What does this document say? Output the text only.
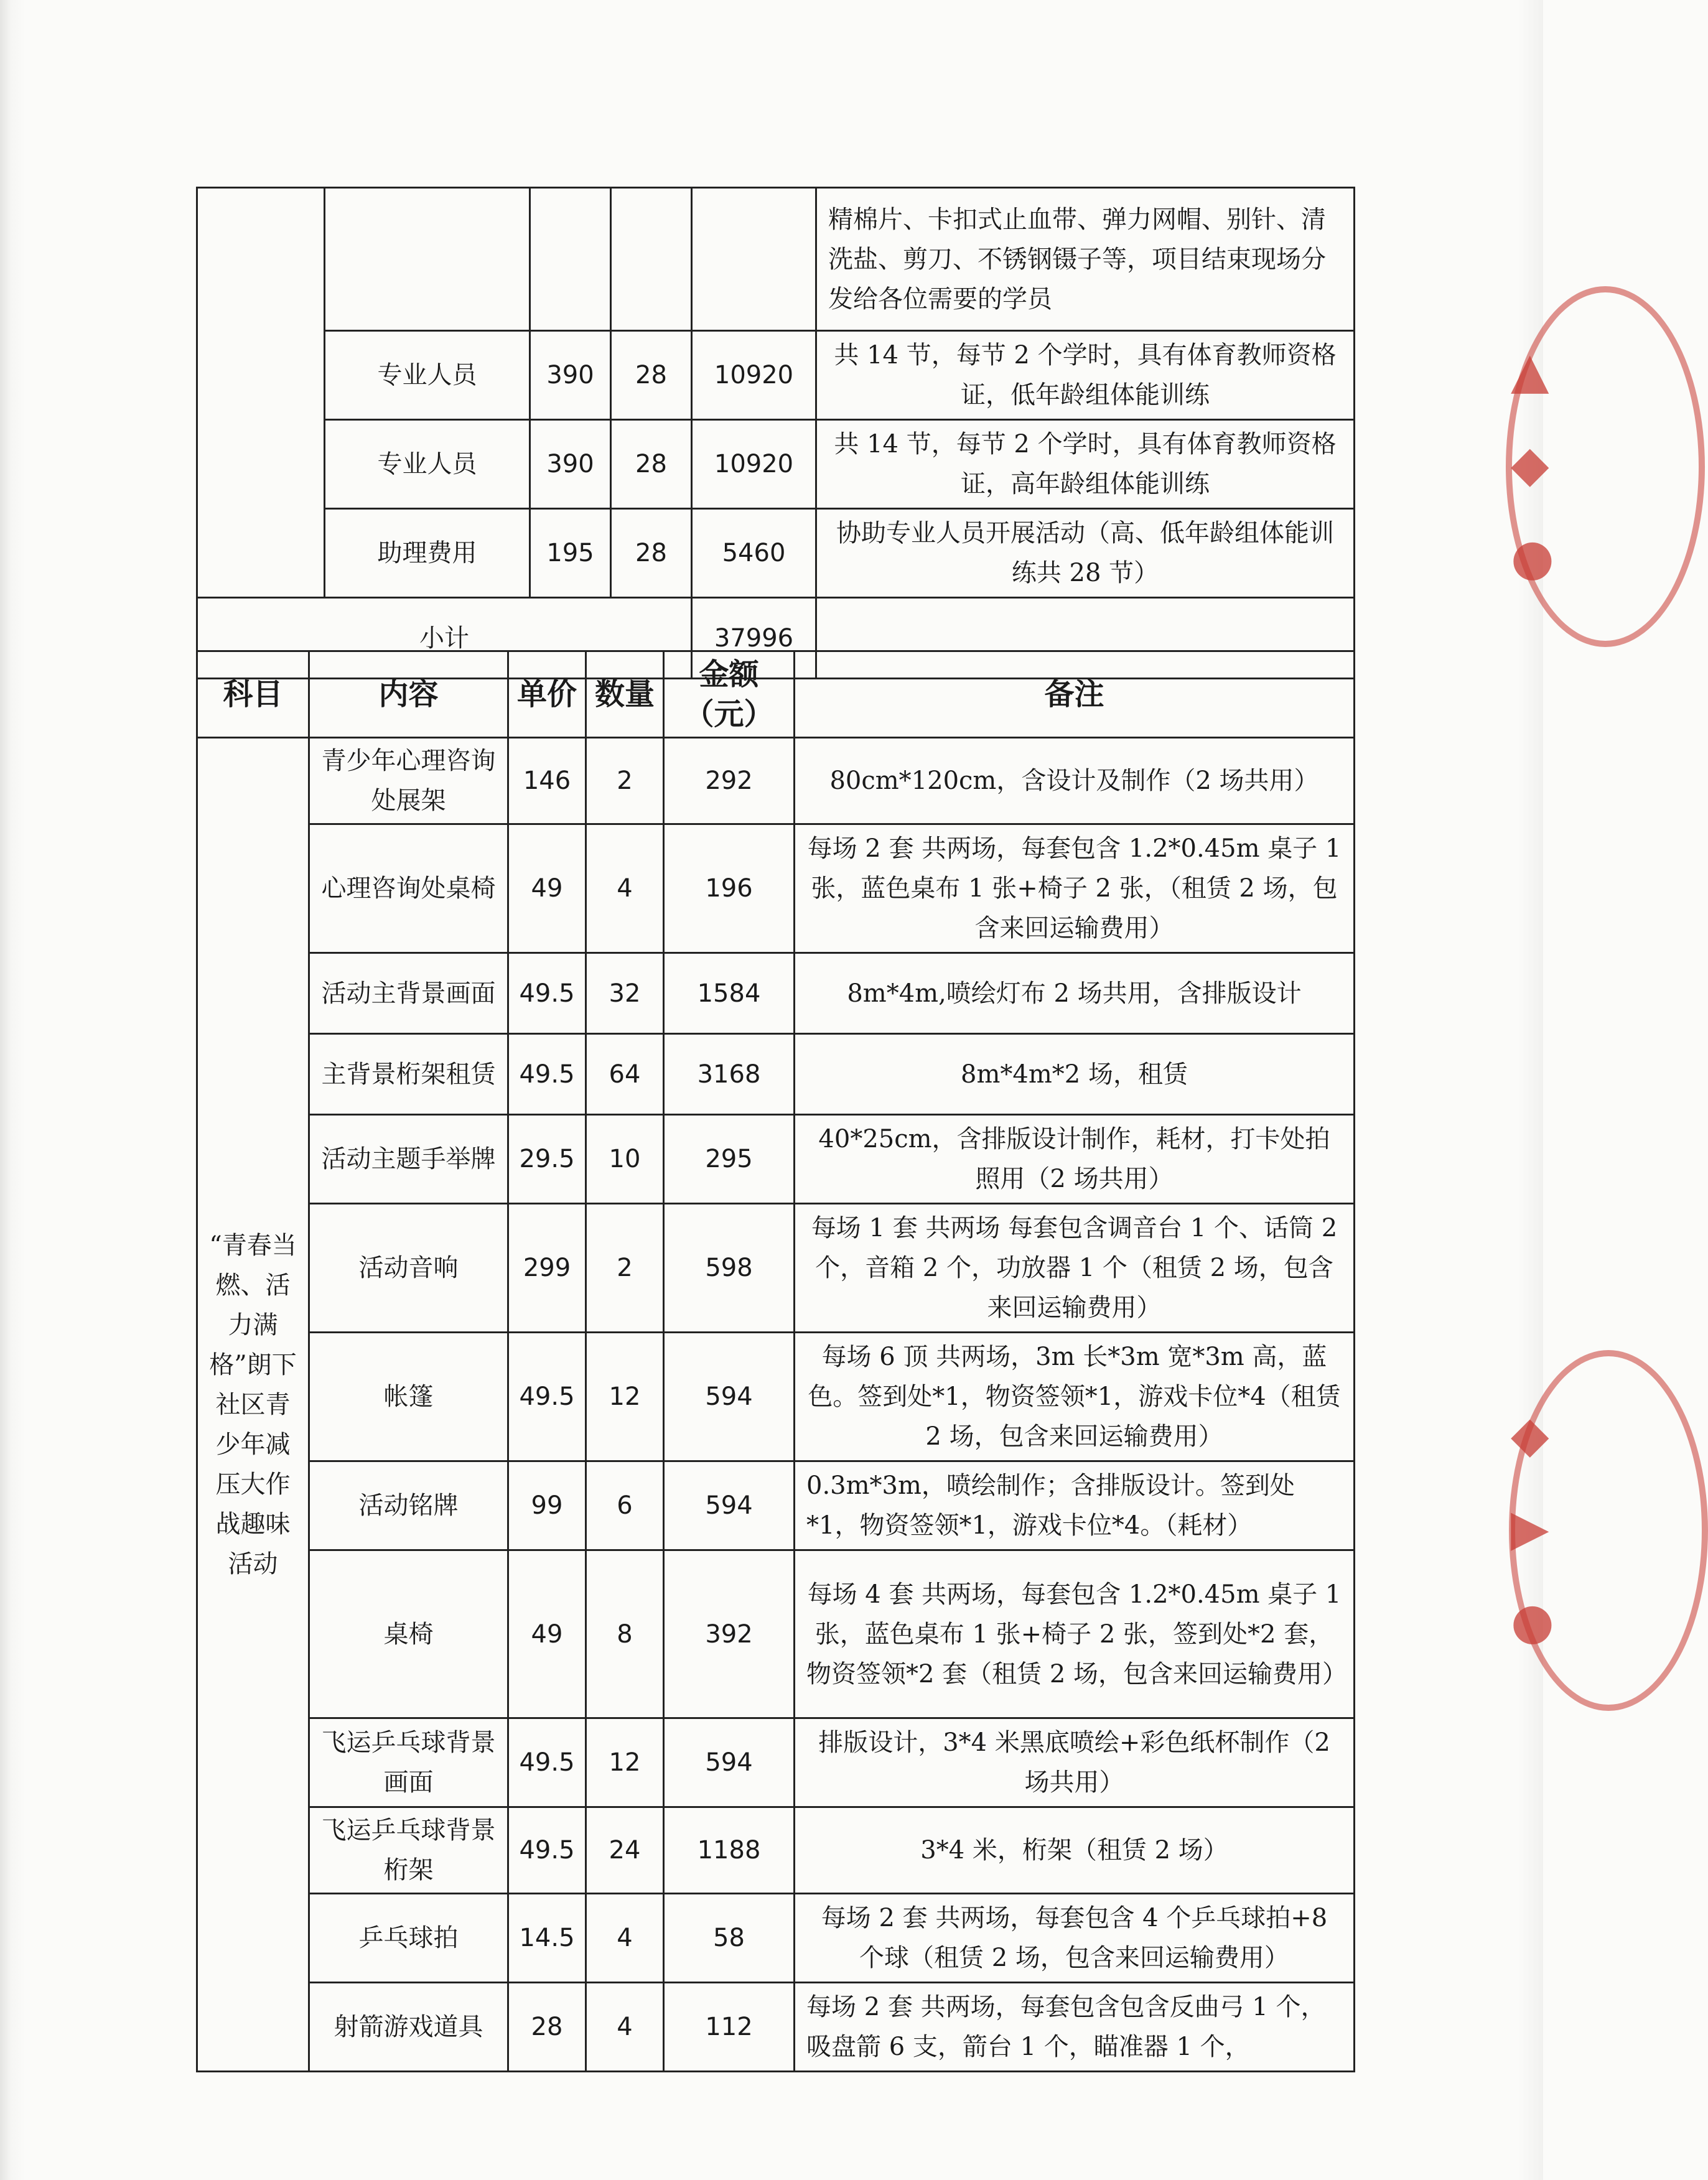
					精棉片、卡扣式止血带、弹力网帽、别针、清洗盐、剪刀、不锈钢镊子等，项目结束现场分发给各位需要的学员
	专业人员	390	28	10920	共 14 节，每节 2 个学时，具有体育教师资格证，低年龄组体能训练
	专业人员	390	28	10920	共 14 节，每节 2 个学时，具有体育教师资格证，高年龄组体能训练
	助理费用	195	28	5460	协助专业人员开展活动（高、低年龄组体能训练共 28 节）
小计				37996	
科目	内容	单价	数量	金额（元）	备注
“青春当燃、活力满格”朗下社区青少年减压大作战趣味活动	青少年心理咨询处展架	146	2	292	80cm*120cm，含设计及制作（2 场共用）
	心理咨询处桌椅	49	4	196	每场 2 套 共两场，每套包含 1.2*0.45m 桌子 1 张，蓝色桌布 1 张+椅子 2 张，（租赁 2 场，包含来回运输费用）
	活动主背景画面	49.5	32	1584	8m*4m,喷绘灯布 2 场共用，含排版设计
	主背景桁架租赁	49.5	64	3168	8m*4m*2 场，租赁
	活动主题手举牌	29.5	10	295	40*25cm，含排版设计制作，耗材，打卡处拍照用（2 场共用）
	活动音响	299	2	598	每场 1 套 共两场 每套包含调音台 1 个、话筒 2 个，音箱 2 个，功放器 1 个（租赁 2 场，包含来回运输费用）
	帐篷	49.5	12	594	每场 6 顶 共两场，3m 长*3m 宽*3m 高，蓝色。签到处*1，物资签领*1，游戏卡位*4（租赁 2 场，包含来回运输费用）
	活动铭牌	99	6	594	0.3m*3m，喷绘制作；含排版设计。签到处*1，物资签领*1，游戏卡位*4。（耗材）
	桌椅	49	8	392	每场 4 套 共两场，每套包含 1.2*0.45m 桌子 1 张，蓝色桌布 1 张+椅子 2 张，签到处*2 套，物资签领*2 套（租赁 2 场，包含来回运输费用）
	飞运乒乓球背景画面	49.5	12	594	排版设计，3*4 米黑底喷绘+彩色纸杯制作（2 场共用）
	飞运乒乓球背景桁架	49.5	24	1188	3*4 米，桁架（租赁 2 场）
	乒乓球拍	14.5	4	58	每场 2 套 共两场，每套包含 4 个乒乓球拍+8 个球（租赁 2 场，包含来回运输费用）
	射箭游戏道具	28	4	112	每场 2 套 共两场，每套包含包含反曲弓 1 个，吸盘箭 6 支，箭台 1 个，瞄准器 1 个，
▲
◆
●
◆
▶
●
